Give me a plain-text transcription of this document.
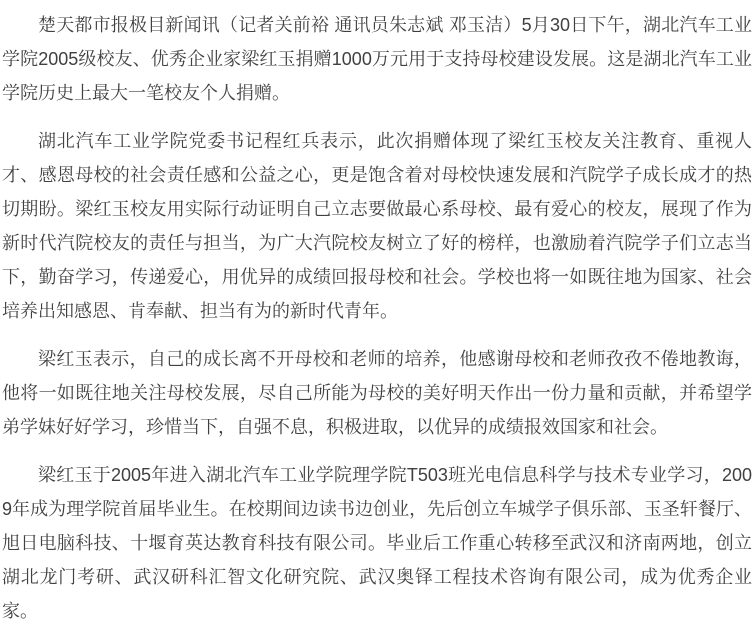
楚天都市报极目新闻讯（记者关前裕 通讯员朱志斌 邓玉洁）5月30日下午，湖北汽车工业学院2005级校友、优秀企业家梁红玉捐赠1000万元用于支持母校建设发展。这是湖北汽车工业学院历史上最大一笔校友个人捐赠。

湖北汽车工业学院党委书记程红兵表示，此次捐赠体现了梁红玉校友关注教育、重视人才、感恩母校的社会责任感和公益之心，更是饱含着对母校快速发展和汽院学子成长成才的热切期盼。梁红玉校友用实际行动证明自己立志要做最心系母校、最有爱心的校友，展现了作为新时代汽院校友的责任与担当，为广大汽院校友树立了好的榜样，也激励着汽院学子们立志当下，勤奋学习，传递爱心，用优异的成绩回报母校和社会。学校也将一如既往地为国家、社会培养出知感恩、肯奉献、担当有为的新时代青年。

梁红玉表示，自己的成长离不开母校和老师的培养，他感谢母校和老师孜孜不倦地教诲，他将一如既往地关注母校发展，尽自己所能为母校的美好明天作出一份力量和贡献，并希望学弟学妹好好学习，珍惜当下，自强不息，积极进取，以优异的成绩报效国家和社会。

梁红玉于2005年进入湖北汽车工业学院理学院T503班光电信息科学与技术专业学习，2009年成为理学院首届毕业生。在校期间边读书边创业，先后创立车城学子俱乐部、玉圣轩餐厅、旭日电脑科技、十堰育英达教育科技有限公司。毕业后工作重心转移至武汉和济南两地，创立湖北龙门考研、武汉研科汇智文化研究院、武汉奥铎工程技术咨询有限公司，成为优秀企业家。
